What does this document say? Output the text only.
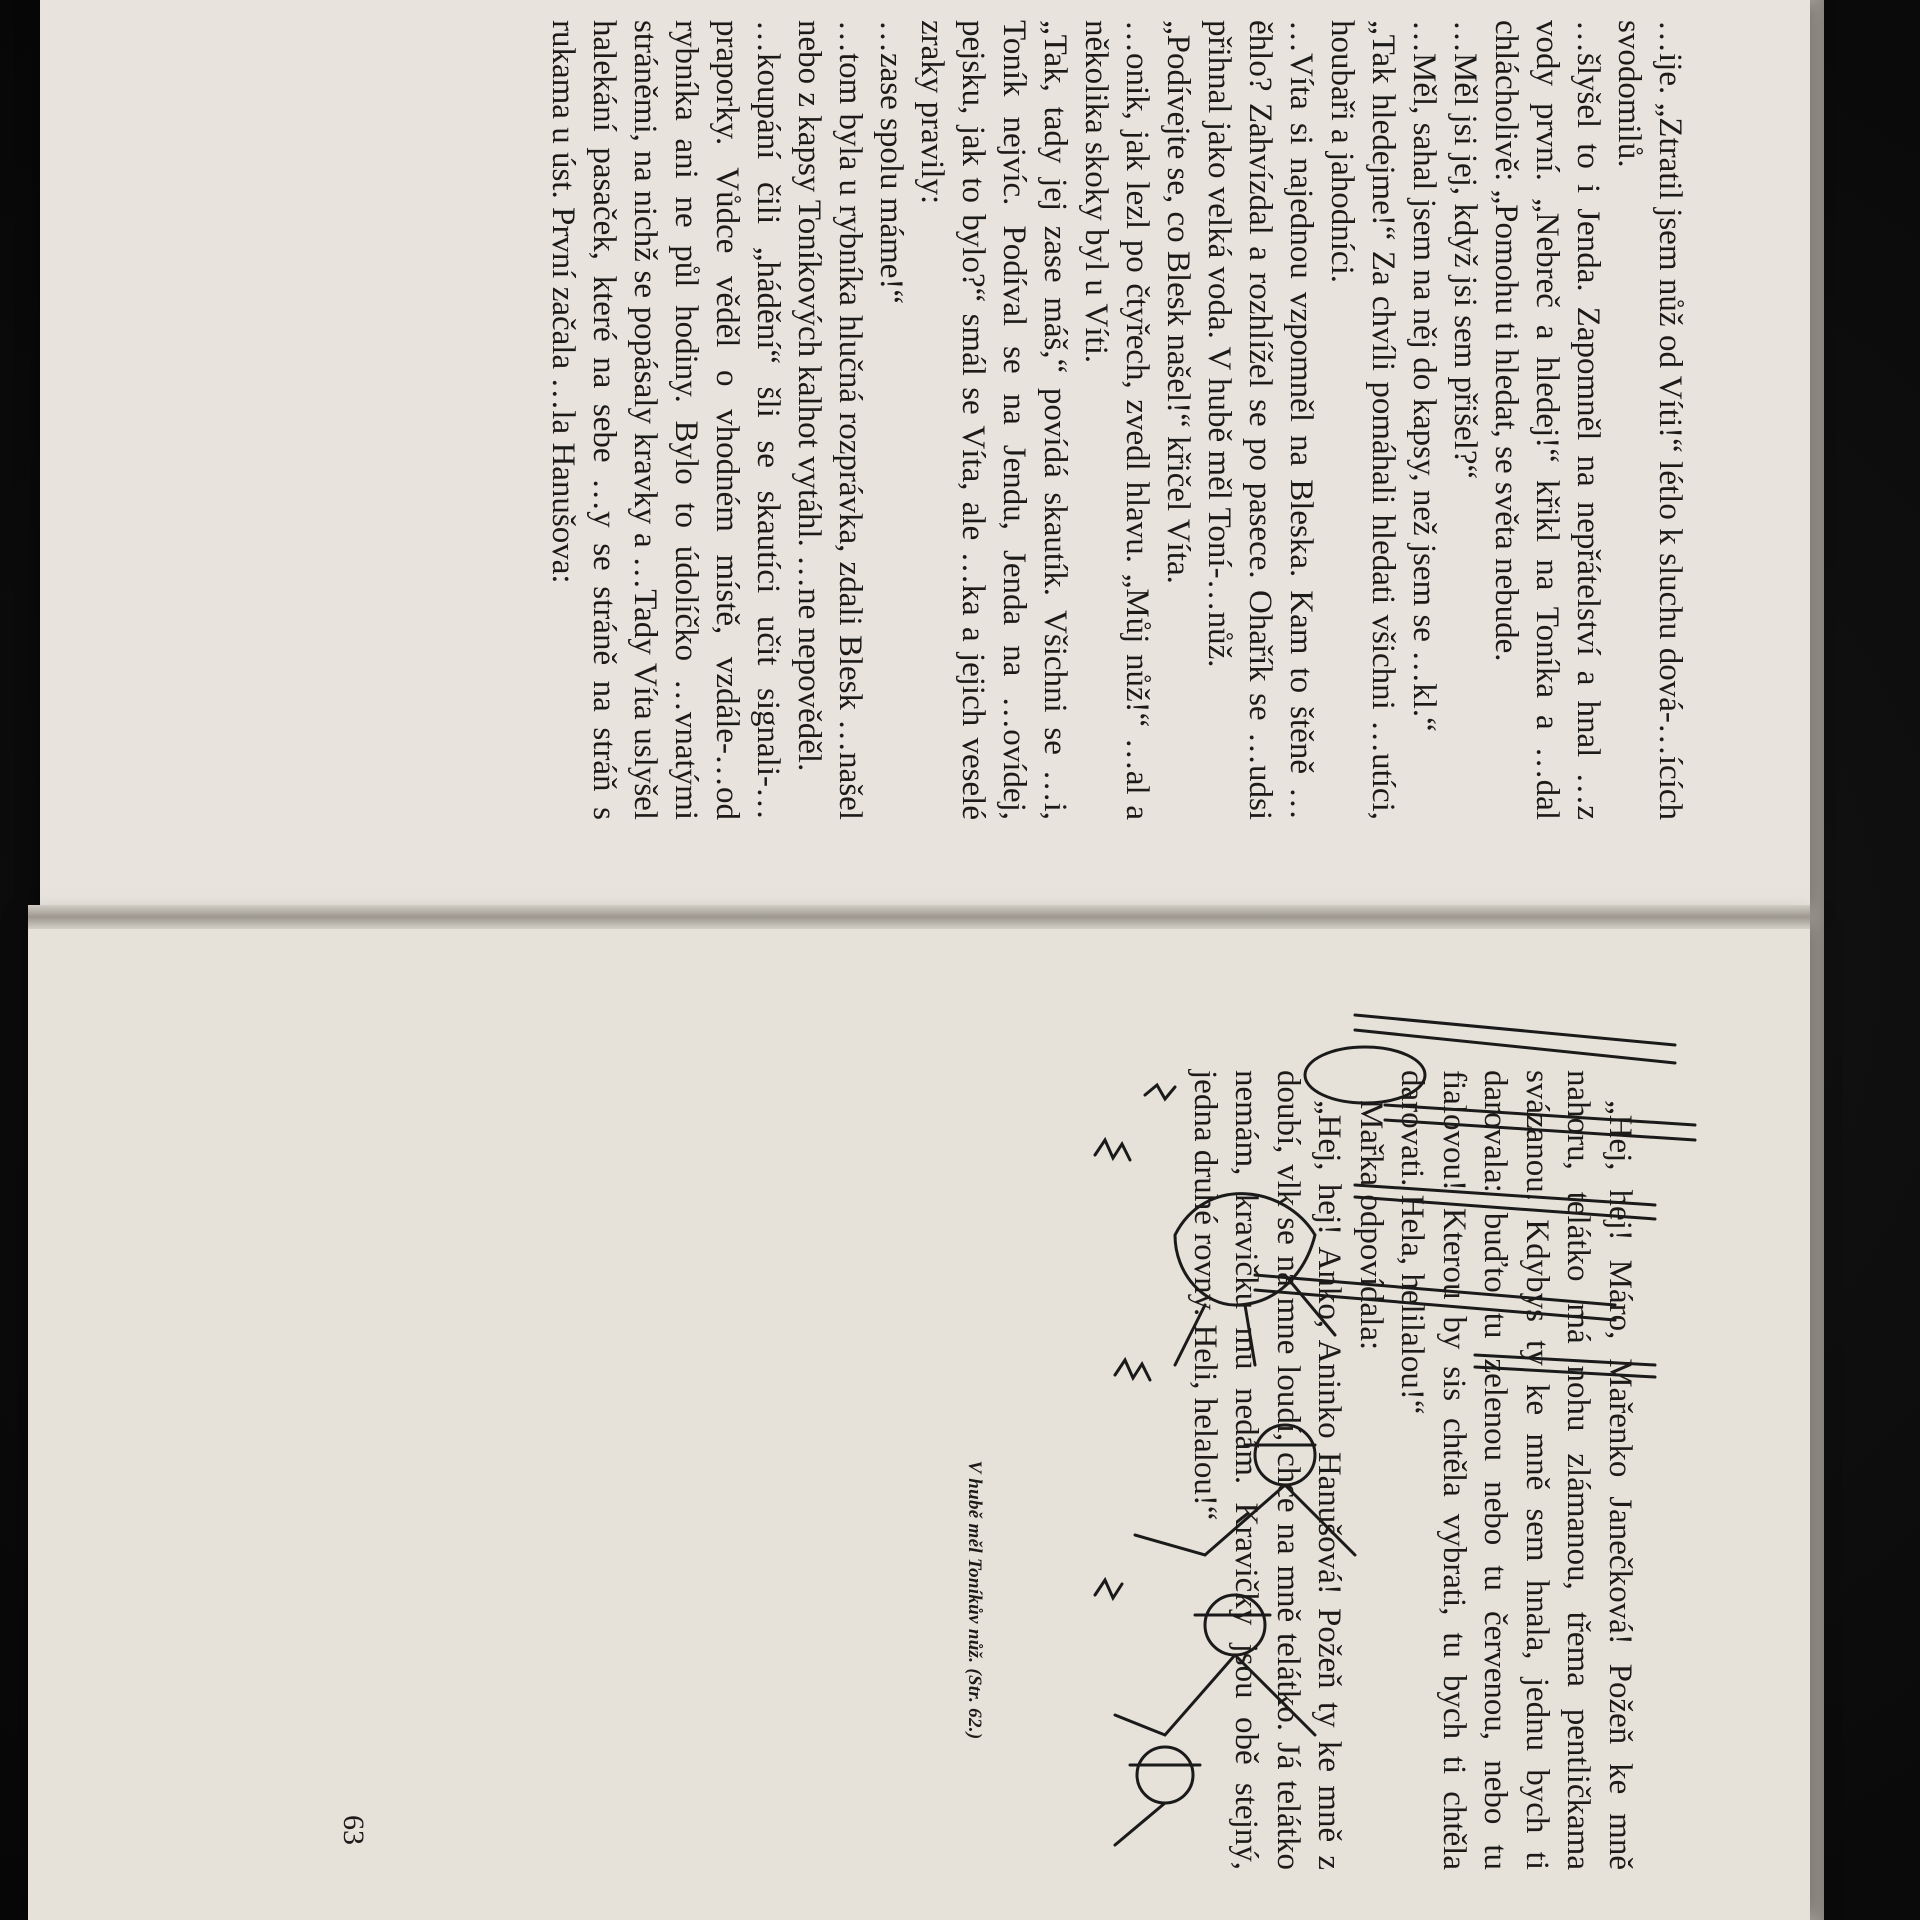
…ije. „Ztratil jsem nůž od Víti!“ létlo k sluchu dová-…ících svodomilů.

…šlyšel to i Jenda. Zapomněl na nepřátelství a hnal …z vody první. „Nebreč a hledej!“ křikl na Toníka a …dal chlácholivě: „Pomohu ti hledat, se světa nebude.

…Měl jsi jej, když jsi sem přišel?“

…Měl, sahal jsem na něj do kapsy, než jsem se …kl.“

„Tak hledejme!“ Za chvíli pomáhali hledati všichni …utíci, houbaři a jahodníci.

…Víta si najednou vzpomněl na Bleska. Kam to štěně …ěhlo? Zahvízdal a rozhlížel se po pasece. Ohařík se …udsi přihnal jako velká voda. V hubě měl Toní-…nůž.

„Podívejte se, co Blesk našel!“ křičel Víta.

…onik, jak lezl po čtyřech, zvedl hlavu. „Můj nůž!“ …al a několika skoky byl u Víti.

„Tak, tady jej zase máš,“ povídá skautík. Všichni se …i, Toník nejvíc. Podíval se na Jendu, Jenda na …ovídej, pejsku, jak to bylo?“ smál se Víta, ale …ka a jejich veselé zraky pravily:

…zase spolu máme!“

…tom byla u rybníka hlučná rozprávka, zdali Blesk …našel nebo z kapsy Toníkových kalhot vytáhl. …ne nepověděl.

…koupání čili „hádění“ šli se skautíci učit signali-…praporky. Vůdce věděl o vhodném místě, vzdále-…od rybníka ani ne půl hodiny. Bylo to údolíčko …vnatými stráněmi, na nichž se popásaly kravky a …Tady Víta uslyšel halekání pasaček, které na sebe …y se stráně na stráň s rukama u úst. První začala …la Hanušova:

V hubě měl Toníkův nůž. (Str. 62.)	„Hej, hej! Máro, Mařenko Janečková! Požeň ke mně nahoru, telátko má nohu zlámanou, třema pentličkama svázanou. Kdybys ty ke mně sem hnala, jednu bych ti darovala: buďto tu zelenou nebo tu červenou, nebo tu fialovou! Kterou by sis chtěla vybrati, tu bych ti chtěla darovati. Hela, helilalou!“

Mařka odpovídala:

„Hej, hej! Anko, Aninko Hanušová! Požeň ty ke mně z doubí, vlk se na mne loudí, chce na mně telátko. Já telátko nemám, kravičku mu nedám. Kravičky jsou obě stejný, jedna druhé rovny. Heli, helalou!“

63
